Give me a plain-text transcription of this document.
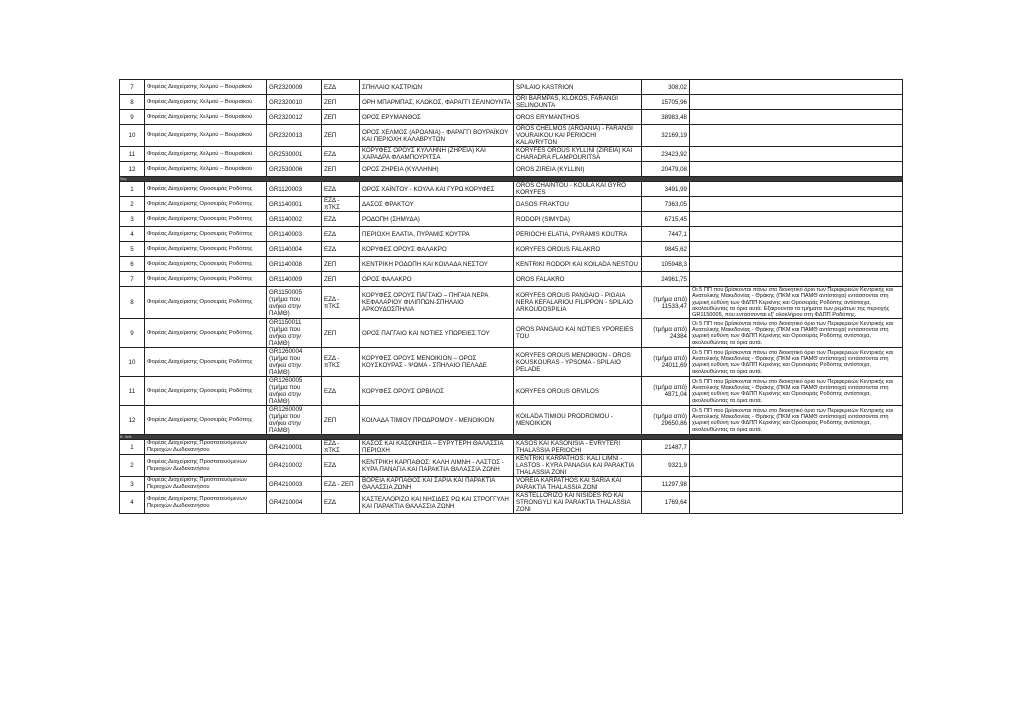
7	Φορέας Διαχείρισης Χελμού – Βουραϊκού	GR2320009	ΕΖΔ	ΣΠΗΛΑΙΟ ΚΑΣΤΡΙΩΝ	SPILAIO KASTRION	308,02	
8	Φορέας Διαχείρισης Χελμού – Βουραϊκού	GR2320010	ΖΕΠ	ΟΡΗ ΜΠΑΡΜΠΑΣ, ΚΛΩΚΟΣ, ΦΑΡΑΓΓΙ ΣΕΛΙΝΟΥΝΤΑ	ORI BARMPAS, KLOKOS, FARANGI SELINOUNTA	15705,96	
9	Φορέας Διαχείρισης Χελμού – Βουραϊκού	GR2320012	ΖΕΠ	ΟΡΟΣ ΕΡΥΜΑΝΘΟΣ	OROS ERYMANTHOS	38983,48	
10	Φορέας Διαχείρισης Χελμού – Βουραϊκού	GR2320013	ΖΕΠ	ΟΡΟΣ ΧΕΛΜΟΣ (ΑΡΟΑΝΙΑ) - ΦΑΡΑΓΓΙ ΒΟΥΡΑΪΚΟΥ ΚΑΙ ΠΕΡΙΟΧΗ ΚΑΛΑΒΡΥΤΩΝ	OROS CHELMOS (AROANIA) - FARANGI VOURAIKOU KAI PERIOCHI KALAVRYTON	32169,19	
11	Φορέας Διαχείρισης Χελμού – Βουραϊκού	GR2530001	ΕΖΔ	ΚΟΡΥΦΕΣ ΟΡΟΥΣ ΚΥΛΛΗΝΗ (ΖΗΡΕΙΑ) ΚΑΙ ΧΑΡΑΔΡΑ ΦΛΑΜΠΟΥΡΙΤΣΑ	KORYFES OROUS KYLLINI (ZIREIA) KAI CHARADRA FLAMPOURITSA	23423,92	
12	Φορέας Διαχείρισης Χελμού – Βουραϊκού	GR2530006	ΖΕΠ	ΟΡΟΣ ΖΗΡΕΙΑ (ΚΥΛΛΗΝΗ)	OROS ZIREIA (KYLLINI)	20479,08	
3κγ:							
1	Φορέας Διαχείρισης Οροσειράς Ροδόπης	GR1120003	ΕΖΔ	ΟΡΟΣ ΧΑΪΝΤΟΥ - ΚΟΥΛΑ ΚΑΙ ΓΥΡΩ ΚΟΡΥΦΕΣ	OROS CHAINTOU - KOULA KAI GYRO KORYFES	3491,99	
2	Φορέας Διαχείρισης Οροσειράς Ροδόπης	GR1140001	ΕΖΔ - πΤΚΣ	ΔΑΣΟΣ ΦΡΑΚΤΟΥ	DASOS FRAKTOU	7363,05	
3	Φορέας Διαχείρισης Οροσειράς Ροδόπης	GR1140002	ΕΖΔ	ΡΟΔΟΠΗ (ΣΗΜΥΔΑ)	RODOPI (SIMYDA)	6715,45	
4	Φορέας Διαχείρισης Οροσειράς Ροδόπης	GR1140003	ΕΖΔ	ΠΕΡΙΟΧΗ ΕΛΑΤΙΑ, ΠΥΡΑΜΙΣ ΚΟΥΤΡΑ	PERIOCHI ELATIA, PYRAMIS KOUTRA	7447,1	
5	Φορέας Διαχείρισης Οροσειράς Ροδόπης	GR1140004	ΕΖΔ	ΚΟΡΥΦΕΣ ΟΡΟΥΣ ΦΑΛΑΚΡΟ	KORYFES OROUS FALAKRO	9845,62	
6	Φορέας Διαχείρισης Οροσειράς Ροδόπης	GR1140008	ΖΕΠ	ΚΕΝΤΡΙΚΗ ΡΟΔΟΠΗ ΚΑΙ ΚΟΙΛΑΔΑ ΝΕΣΤΟΥ	KENTRIKI RODOPI KAI KOILADA NESTOU	105948,3	
7	Φορέας Διαχείρισης Οροσειράς Ροδόπης	GR1140009	ΖΕΠ	ΟΡΟΣ ΦΑΛΑΚΡΟ	OROS FALAKRO	24961,75	
8	Φορέας Διαχείρισης Οροσειράς Ροδόπης	GR1150005 (τμήμα που ανήκει στην ΠΑΜΘ)	ΕΖΔ - πΤΚΣ	ΚΟΡΥΦΕΣ ΟΡΟΥΣ ΠΑΓΓΑΙΟ – ΠΗΓΑΙΑ ΝΕΡΑ ΚΕΦΑΛΑΡΙΟΥ ΦΙΛΙΠΠΩΝ-ΣΠΗΛΑΙΟ ΑΡΚΟΥΔΟΣΠΗΛΙΑ	KORYFES OROUS PANGAIO - PIGAIA NERA KEFALARIOU FILIPPON - SPILAIO ARKOUDOSPILIA	(τμήμα από) 11533,47	Οι 5 ΠΠ που βρίσκονται πάνω στο διοικητικό όριο των Περιφερειών Κεντρικής και Ανατολικής Μακεδονίας - Θράκης (ΠΚΜ και ΠΑΜΘ αντίστοιχα) εντάσσονται στη χωρική ευθύνη των ΦΔΠΠ Κερκίνης και Οροσειράς Ροδόπης αντίστοιχα, ακολουθώντας τα όρια αυτά. Εξαιρούνται τα τμήματα των ρεμάτων της περιοχής GR1150005, που εντάσσονται εξ' ολοκλήρου στη ΦΔΠΠ Ροδόπης.
9	Φορέας Διαχείρισης Οροσειράς Ροδόπης	GR1150011 (τμήμα που ανήκει στην ΠΑΜΘ)	ΖΕΠ	ΟΡΟΣ ΠΑΓΓΑΙΟ ΚΑΙ ΝΟΤΙΕΣ ΥΠΩΡΕΙΕΣ ΤΟΥ	OROS PANGAIO KAI NOTIES YPOREIES TOU	(τμήμα από) 24384	Οι 5 ΠΠ που βρίσκονται πάνω στο διοικητικό όριο των Περιφερειών Κεντρικής και Ανατολικής Μακεδονίας - Θράκης (ΠΚΜ και ΠΑΜΘ αντίστοιχα) εντάσσονται στη χωρική ευθύνη των ΦΔΠΠ Κερκίνης και Οροσειράς Ροδόπης αντίστοιχα, ακολουθώντας τα όρια αυτά.
10	Φορέας Διαχείρισης Οροσειράς Ροδόπης	GR1260004 (τμήμα που ανήκει στην ΠΑΜΘ)	ΕΖΔ - πΤΚΣ	ΚΟΡΥΦΕΣ ΟΡΟΥΣ ΜΕΝΟΙΚΙΟΝ – ΟΡΟΣ ΚΟΥΣΚΟΥΡΑΣ - ΨΩΜΑ - ΣΠΗΛΑΙΟ ΠΕΛΑΔΕ	KORYFES OROUS MENOIKION - OROS KOUSKOURAS - YPSOMA - SPILAIO PELADE	(τμήμα από) 24011,69	Οι 5 ΠΠ που βρίσκονται πάνω στο διοικητικό όριο των Περιφερειών Κεντρικής και Ανατολικής Μακεδονίας - Θράκης (ΠΚΜ και ΠΑΜΘ αντίστοιχα) εντάσσονται στη χωρική ευθύνη των ΦΔΠΠ Κερκίνης και Οροσειράς Ροδόπης αντίστοιχα, ακολουθώντας τα όρια αυτά.
11	Φορέας Διαχείρισης Οροσειράς Ροδόπης	GR1260005 (τμήμα που ανήκει στην ΠΑΜΘ)	ΕΖΔ	ΚΟΡΥΦΕΣ ΟΡΟΥΣ ΟΡΒΙΛΟΣ	KORYFES OROUS ORVILOS	(τμήμα από) 4871,04	Οι 5 ΠΠ που βρίσκονται πάνω στο διοικητικό όριο των Περιφερειών Κεντρικής και Ανατολικής Μακεδονίας - Θράκης (ΠΚΜ και ΠΑΜΘ αντίστοιχα) εντάσσονται στη χωρική ευθύνη των ΦΔΠΠ Κερκίνης και Οροσειράς Ροδόπης αντίστοιχα, ακολουθώντας τα όρια αυτά.
12	Φορέας Διαχείρισης Οροσειράς Ροδόπης	GR1260009 (τμήμα που ανήκει στην ΠΑΜΘ)	ΖΕΠ	ΚΟΙΛΑΔΑ ΤΙΜΙΟΥ ΠΡΟΔΡΟΜΟΥ - ΜΕΝΟΙΚΙΟΝ	KOILADA TIMIOU PRODROMOU - MENOIKION	(τμήμα από) 29650,86	Οι 5 ΠΠ που βρίσκονται πάνω στο διοικητικό όριο των Περιφερειών Κεντρικής και Ανατολικής Μακεδονίας - Θράκης (ΠΚΜ και ΠΑΜΘ αντίστοιχα) εντάσσονται στη χωρική ευθύνη των ΦΔΠΠ Κερκίνης και Οροσειράς Ροδόπης αντίστοιχα, ακολουθώντας τα όρια αυτά.
Β. δεδ:							
1	Φορέας Διαχείρισης Προστατευόμενων Περιοχών Δωδεκανήσου	GR4210001	ΕΖΔ - πΤΚΣ	ΚΑΣΟΣ ΚΑΙ ΚΑΣΟΝΗΣΙΑ – ΕΥΡΥΤΕΡΗ ΘΑΛΑΣΣΙΑ ΠΕΡΙΟΧΗ	KASOS KAI KASONISIA - EVRYTERI THALASSIA PERIOCHI	21487,7	
2	Φορέας Διαχείρισης Προστατευόμενων Περιοχών Δωδεκανήσου	GR4210002	ΕΖΔ	ΚΕΝΤΡΙΚΗ ΚΑΡΠΑΘΟΣ: ΚΑΛΗ ΛΙΜΝΗ - ΛΑΣΤΟΣ - ΚΥΡΑ ΠΑΝΑΓΙΑ ΚΑΙ ΠΑΡΑΚΤΙΑ ΘΑΛΑΣΣΙΑ ΖΩΝΗ	KENTRIKI KARPATHOS: KALI LIMNI - LASTOS - KYRA PANAGIA KAI PARAKTIA THALASSIA ZONI	9321,9	
3	Φορέας Διαχείρισης Προστατευόμενων Περιοχών Δωδεκανήσου	GR4210003	ΕΖΔ - ΖΕΠ	ΒΟΡΕΙΑ ΚΑΡΠΑΘΟΣ ΚΑΙ ΣΑΡΙΑ ΚΑΙ ΠΑΡΑΚΤΙΑ ΘΑΛΑΣΣΙΑ ΖΩΝΗ	VOREIA KARPATHOS KAI SARIA KAI PARAKTIA THALASSIA ZONI	11297,98	
4	Φορέας Διαχείρισης Προστατευόμενων Περιοχών Δωδεκανήσου	GR4210004	ΕΖΔ	ΚΑΣΤΕΛΛΟΡΙΖΟ ΚΑΙ ΝΗΣΙΔΕΣ ΡΩ ΚΑΙ ΣΤΡΟΓΓΥΛΗ ΚΑΙ ΠΑΡΑΚΤΙΑ ΘΑΛΑΣΣΙΑ ΖΩΝΗ	KASTELLORIZO KAI NISIDES RO KAI STRONGYLI KAI PARAKTIA THALASSIA ZONI	1769,64	
